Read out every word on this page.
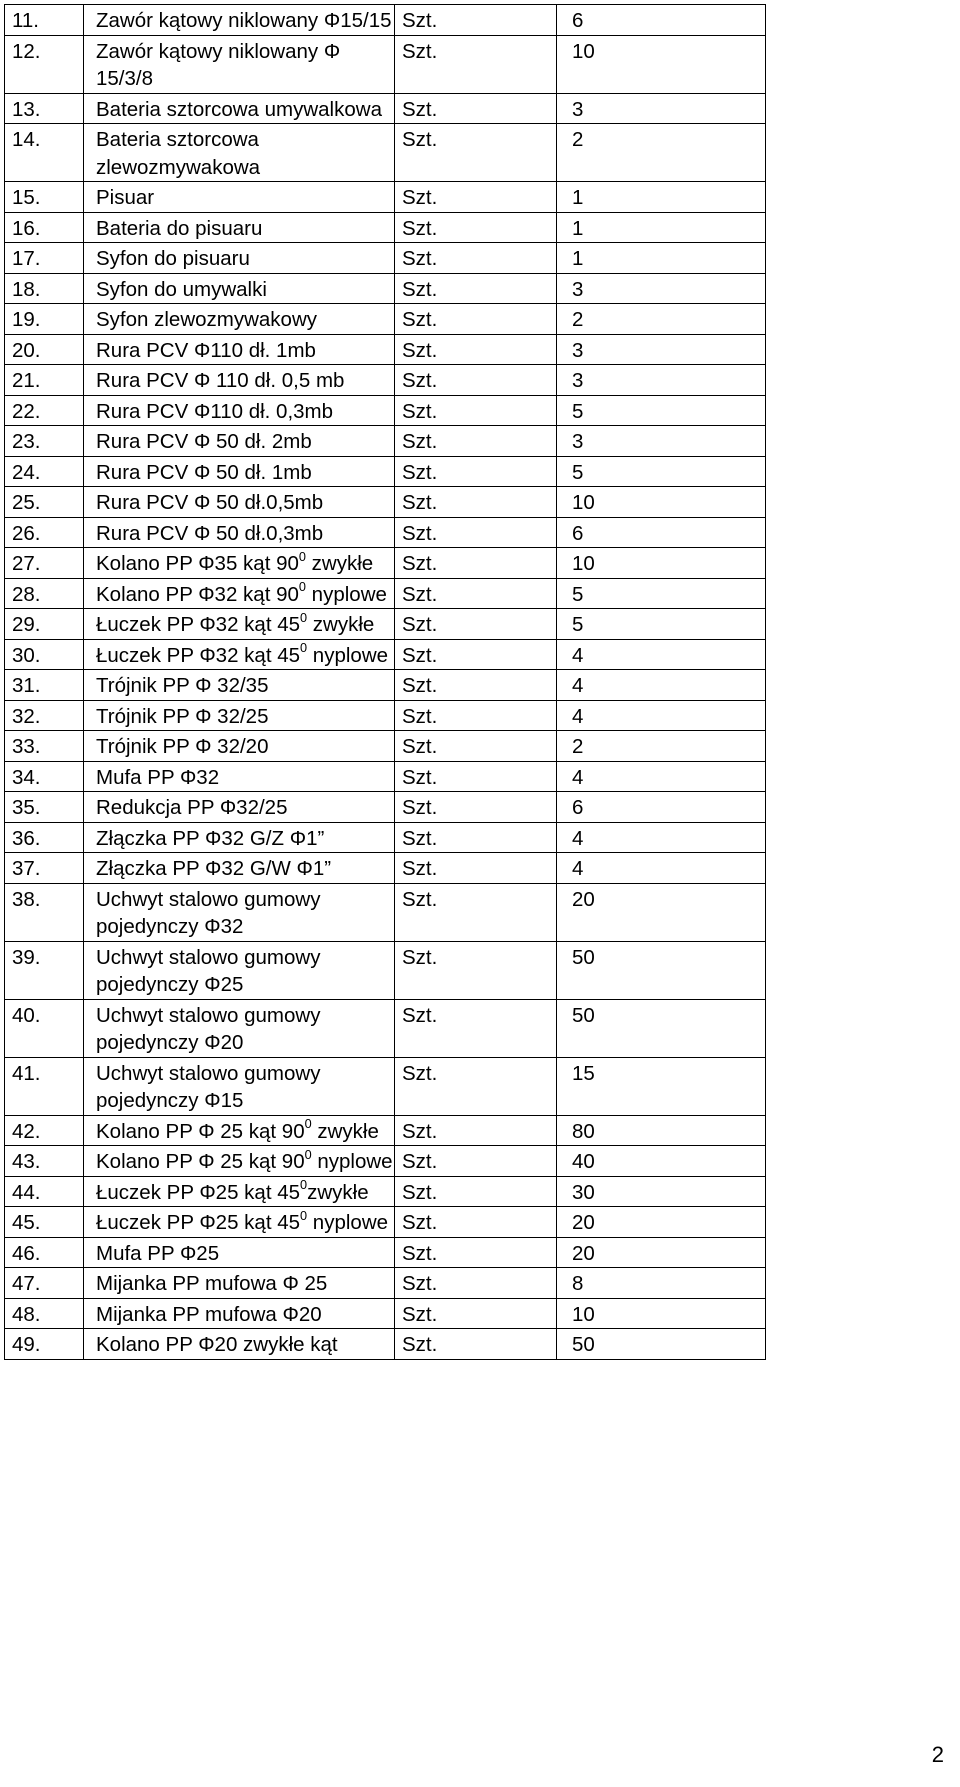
11.	Zawór kątowy niklowany Φ15/15	Szt.	6
12.	Zawór kątowy niklowany Φ 15/3/8	Szt.	10
13.	Bateria sztorcowa umywalkowa	Szt.	3
14.	Bateria sztorcowa zlewozmywakowa	Szt.	2
15.	Pisuar	Szt.	1
16.	Bateria do pisuaru	Szt.	1
17.	Syfon do pisuaru	Szt.	1
18.	Syfon do umywalki	Szt.	3
19.	Syfon zlewozmywakowy	Szt.	2
20.	Rura PCV Φ110 dł. 1mb	Szt.	3
21.	Rura PCV Φ 110 dł. 0,5 mb	Szt.	3
22.	Rura PCV Φ110 dł. 0,3mb	Szt.	5
23.	Rura PCV Φ 50 dł. 2mb	Szt.	3
24.	Rura PCV Φ 50 dł. 1mb	Szt.	5
25.	Rura PCV Φ 50 dł.0,5mb	Szt.	10
26.	Rura PCV Φ 50 dł.0,3mb	Szt.	6
27.	Kolano PP Φ35 kąt $90^0$ zwykłe	Szt.	10
28.	Kolano PP Φ32 kąt $90^0$ nyplowe	Szt.	5
29.	Łuczek PP Φ32 kąt $45^0$ zwykłe	Szt.	5
30.	Łuczek PP Φ32 kąt $45^0$ nyplowe	Szt.	4
31.	Trójnik PP Φ 32/35	Szt.	4
32.	Trójnik PP Φ 32/25	Szt.	4
33.	Trójnik PP Φ 32/20	Szt.	2
34.	Mufa PP Φ32	Szt.	4
35.	Redukcja PP Φ32/25	Szt.	6
36.	Złączka PP Φ32 G/Z Φ1”	Szt.	4
37.	Złączka PP Φ32 G/W Φ1”	Szt.	4
38.	Uchwyt stalowo gumowy pojedynczy Φ32	Szt.	20
39.	Uchwyt stalowo gumowy pojedynczy Φ25	Szt.	50
40.	Uchwyt stalowo gumowy pojedynczy Φ20	Szt.	50
41.	Uchwyt stalowo gumowy pojedynczy Φ15	Szt.	15
42.	Kolano PP Φ 25 kąt $90^0$ zwykłe	Szt.	80
43.	Kolano PP Φ 25 kąt $90^0$ nyplowe	Szt.	40
44.	Łuczek PP Φ25 kąt $45^0zwykłe$	Szt.	30
45.	Łuczek PP Φ25 kąt $45^0$ nyplowe	Szt.	20
46.	Mufa PP Φ25	Szt.	20
47.	Mijanka PP mufowa Φ 25	Szt.	8
48.	Mijanka PP mufowa Φ20	Szt.	10
49.	Kolano PP Φ20 zwykłe kąt	Szt.	50
2
